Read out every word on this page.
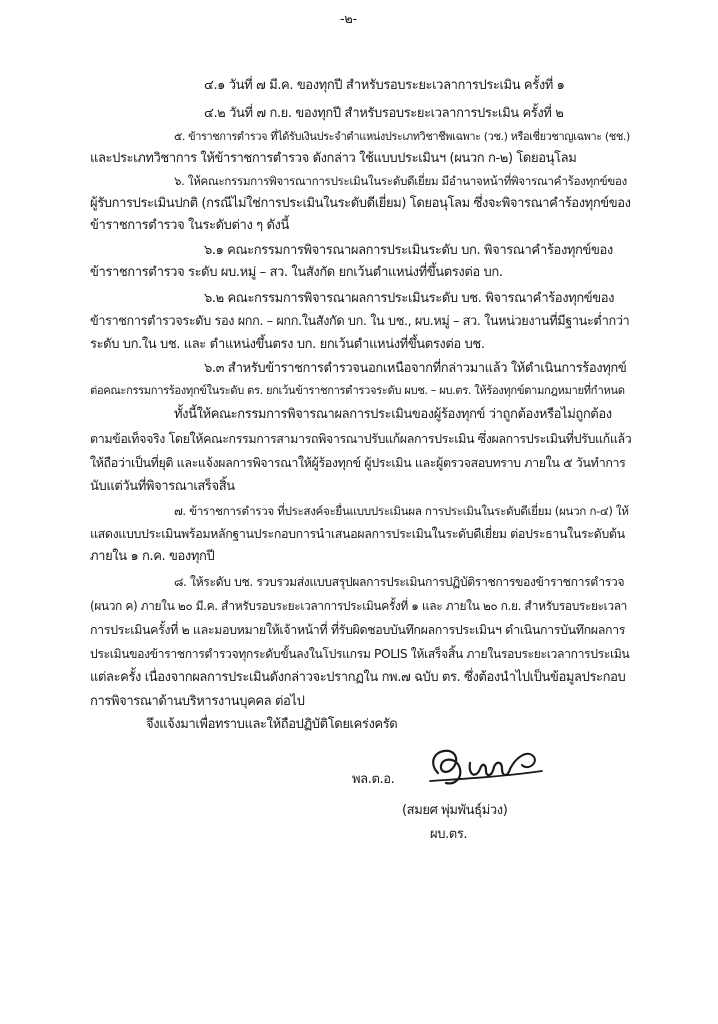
-๒-
๔.๑ วันที่ ๗ มี.ค. ของทุกปี สำหรับรอบระยะเวลาการประเมิน ครั้งที่ ๑
๔.๒ วันที่ ๗ ก.ย. ของทุกปี สำหรับรอบระยะเวลาการประเมิน ครั้งที่ ๒
๕. ข้าราชการตำรวจ ที่ได้รับเงินประจำตำแหน่งประเภทวิชาชีพเฉพาะ (วช.) หรือเชี่ยวชาญเฉพาะ (ชช.)
และประเภทวิชาการ ให้ข้าราชการตำรวจ ดังกล่าว ใช้แบบประเมินฯ (ผนวก ก-๒) โดยอนุโลม
๖. ให้คณะกรรมการพิจารณาการประเมินในระดับดีเยี่ยม มีอำนาจหน้าที่พิจารณาคำร้องทุกข์ของ
ผู้รับการประเมินปกติ (กรณีไม่ใช่การประเมินในระดับดีเยี่ยม) โดยอนุโลม ซึ่งจะพิจารณาคำร้องทุกข์ของ
ข้าราชการตำรวจ ในระดับต่าง ๆ ดังนี้
๖.๑ คณะกรรมการพิจารณาผลการประเมินระดับ บก. พิจารณาคำร้องทุกข์ของ
ข้าราชการตำรวจ ระดับ ผบ.หมู่ – สว. ในสังกัด ยกเว้นตำแหน่งที่ขึ้นตรงต่อ บก.
๖.๒ คณะกรรมการพิจารณาผลการประเมินระดับ บช. พิจารณาคำร้องทุกข์ของ
ข้าราชการตำรวจระดับ รอง ผกก. – ผกก.ในสังกัด บก. ใน บช., ผบ.หมู่ – สว. ในหน่วยงานที่มีฐานะต่ำกว่า
ระดับ บก.ใน บช. และ ตำแหน่งขึ้นตรง บก. ยกเว้นตำแหน่งที่ขึ้นตรงต่อ บช.
๖.๓ สำหรับข้าราชการตำรวจนอกเหนือจากที่กล่าวมาแล้ว ให้ดำเนินการร้องทุกข์
ต่อคณะกรรมการร้องทุกข์ในระดับ ตร. ยกเว้นข้าราชการตำรวจระดับ ผบช. – ผบ.ตร. ให้ร้องทุกข์ตามกฎหมายที่กำหนด
ทั้งนี้ให้คณะกรรมการพิจารณาผลการประเมินของผู้ร้องทุกข์ ว่าถูกต้องหรือไม่ถูกต้อง
ตามข้อเท็จจริง โดยให้คณะกรรมการสามารถพิจารณาปรับแก้ผลการประเมิน ซึ่งผลการประเมินที่ปรับแก้แล้ว
ให้ถือว่าเป็นที่ยุติ และแจ้งผลการพิจารณาให้ผู้ร้องทุกข์ ผู้ประเมิน และผู้ตรวจสอบทราบ ภายใน ๕ วันทำการ
นับแต่วันที่พิจารณาเสร็จสิ้น
๗. ข้าราชการตำรวจ ที่ประสงค์จะยื่นแบบประเมินผล การประเมินในระดับดีเยี่ยม (ผนวก ก-๔) ให้
แสดงแบบประเมินพร้อมหลักฐานประกอบการนำเสนอผลการประเมินในระดับดีเยี่ยม ต่อประธานในระดับต้น
ภายใน ๑ ก.ค. ของทุกปี
๘. ให้ระดับ บช. รวบรวมส่งแบบสรุปผลการประเมินการปฏิบัติราชการของข้าราชการตำรวจ
(ผนวก ค) ภายใน ๒๐ มี.ค. สำหรับรอบระยะเวลาการประเมินครั้งที่ ๑ และ ภายใน ๒๐ ก.ย. สำหรับรอบระยะเวลา
การประเมินครั้งที่ ๒ และมอบหมายให้เจ้าหน้าที่ ที่รับผิดชอบบันทึกผลการประเมินฯ ดำเนินการบันทึกผลการ
ประเมินของข้าราชการตำรวจทุกระดับขั้นลงในโปรแกรม POLIS ให้เสร็จสิ้น ภายในรอบระยะเวลาการประเมิน
แต่ละครั้ง เนื่องจากผลการประเมินดังกล่าวจะปรากฏใน กพ.๗ ฉบับ ตร. ซึ่งต้องนำไปเป็นข้อมูลประกอบ
การพิจารณาด้านบริหารงานบุคคล ต่อไป
จึงแจ้งมาเพื่อทราบและให้ถือปฏิบัติโดยเคร่งครัด
พล.ต.อ.
(สมยศ พุ่มพันธุ์ม่วง)
ผบ.ตร.
